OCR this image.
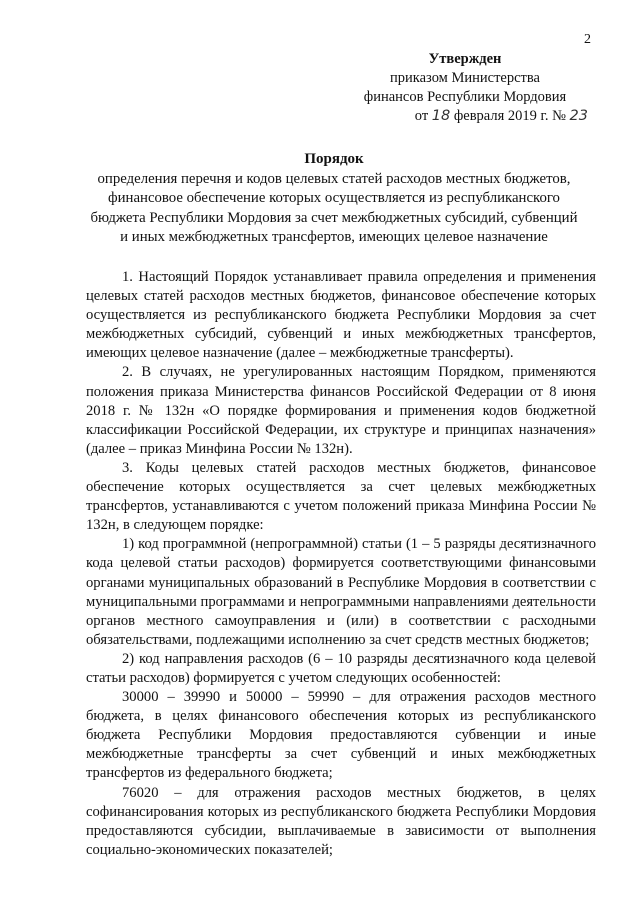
2
Утвержден
приказом Министерства
финансов Республики Мордовия
от 18 февраля 2019 г. № 23
Порядок
определения перечня и кодов целевых статей расходов местных бюджетов, финансовое обеспечение которых осуществляется из республиканского бюджета Республики Мордовия за счет межбюджетных субсидий, субвенций и иных межбюджетных трансфертов, имеющих целевое назначение

1. Настоящий Порядок устанавливает правила определения и применения целевых статей расходов местных бюджетов, финансовое обеспечение которых осуществляется из республиканского бюджета Республики Мордовия за счет межбюджетных субсидий, субвенций и иных межбюджетных трансфертов, имеющих целевое назначение (далее – межбюджетные трансферты).

2. В случаях, не урегулированных настоящим Порядком, применяются положения приказа Министерства финансов Российской Федерации от 8 июня 2018 г. № 132н «О порядке формирования и применения кодов бюджетной классификации Российской Федерации, их структуре и принципах назначения» (далее – приказ Минфина России № 132н).

3. Коды целевых статей расходов местных бюджетов, финансовое обеспечение которых осуществляется за счет целевых межбюджетных трансфертов, устанавливаются с учетом положений приказа Минфина России № 132н, в следующем порядке:

1) код программной (непрограммной) статьи (1 – 5 разряды десятизначного кода целевой статьи расходов) формируется соответствующими финансовыми органами муниципальных образований в Республике Мордовия в соответствии с муниципальными программами и непрограммными направлениями деятельности органов местного самоуправления и (или) в соответствии с расходными обязательствами, подлежащими исполнению за счет средств местных бюджетов;

2) код направления расходов (6 – 10 разряды десятизначного кода целевой статьи расходов) формируется с учетом следующих особенностей:

30000 – 39990 и 50000 – 59990 – для отражения расходов местного бюджета, в целях финансового обеспечения которых из республиканского бюджета Республики Мордовия предоставляются субвенции и иные межбюджетные трансферты за счет субвенций и иных межбюджетных трансфертов из федерального бюджета;

76020 – для отражения расходов местных бюджетов, в целях софинансирования которых из республиканского бюджета Республики Мордовия предоставляются субсидии, выплачиваемые в зависимости от выполнения социально-экономических показателей;
